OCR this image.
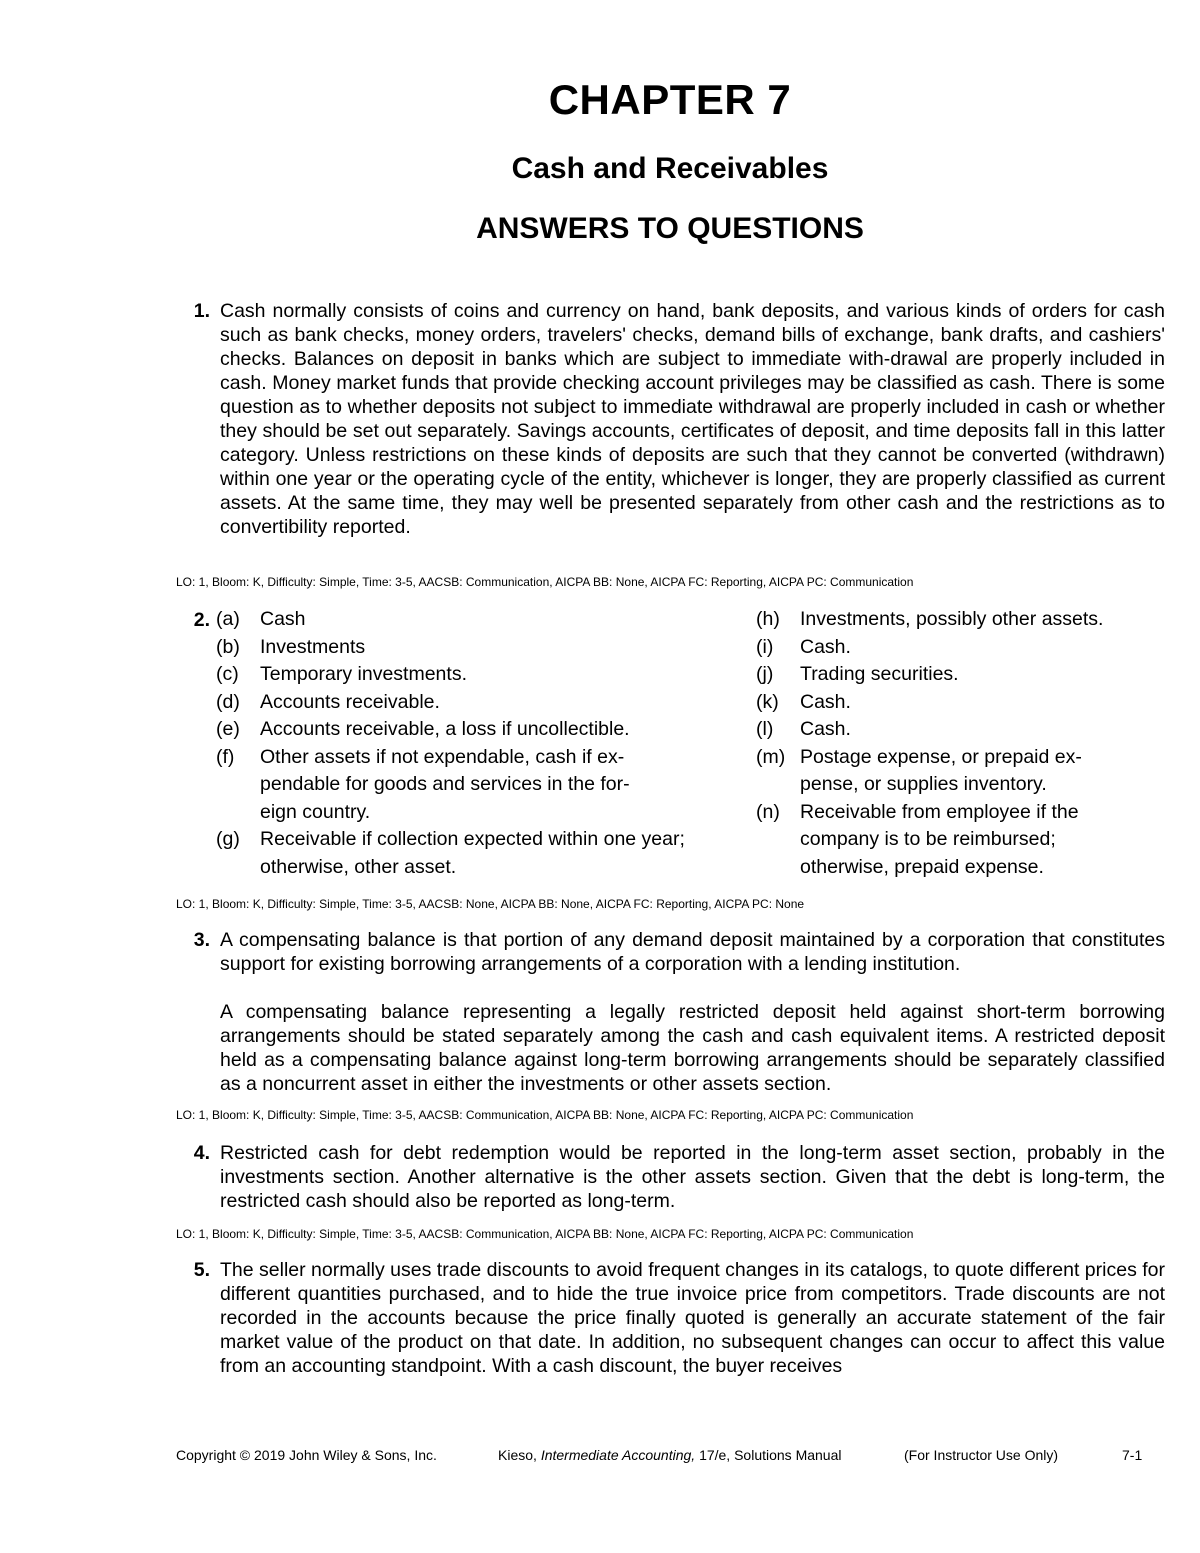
CHAPTER 7
Cash and Receivables
ANSWERS TO QUESTIONS
1. Cash normally consists of coins and currency on hand, bank deposits, and various kinds of orders for cash such as bank checks, money orders, travelers' checks, demand bills of exchange, bank drafts, and cashiers' checks. Balances on deposit in banks which are subject to immediate with-drawal are properly included in cash. Money market funds that provide checking account privileges may be classified as cash. There is some question as to whether deposits not subject to immediate withdrawal are properly included in cash or whether they should be set out separately. Savings accounts, certificates of deposit, and time deposits fall in this latter category. Unless restrictions on these kinds of deposits are such that they cannot be converted (withdrawn) within one year or the operating cycle of the entity, whichever is longer, they are properly classified as current assets. At the same time, they may well be presented separately from other cash and the restrictions as to convertibility reported.

LO: 1, Bloom: K, Difficulty: Simple, Time: 3-5, AACSB: Communication, AICPA BB: None, AICPA FC: Reporting, AICPA PC: Communication
2. (a) Cash
(b) Investments
(c) Temporary investments.
(d) Accounts receivable.
(e) Accounts receivable, a loss if uncollectible.
(f) Other assets if not expendable, cash if ex-pendable for goods and services in the for-eign country.
(g) Receivable if collection expected within one year; otherwise, other asset.
(h) Investments, possibly other assets.
(i) Cash.
(j) Trading securities.
(k) Cash.
(l) Cash.
(m) Postage expense, or prepaid ex-pense, or supplies inventory.
(n) Receivable from employee if the company is to be reimbursed; otherwise, prepaid expense.
LO: 1, Bloom: K, Difficulty: Simple, Time: 3-5, AACSB: None, AICPA BB: None, AICPA FC: Reporting, AICPA PC: None
3. A compensating balance is that portion of any demand deposit maintained by a corporation that constitutes support for existing borrowing arrangements of a corporation with a lending institution.

A compensating balance representing a legally restricted deposit held against short-term borrowing arrangements should be stated separately among the cash and cash equivalent items. A restricted deposit held as a compensating balance against long-term borrowing arrangements should be separately classified as a noncurrent asset in either the investments or other assets section.

LO: 1, Bloom: K, Difficulty: Simple, Time: 3-5, AACSB: Communication, AICPA BB: None, AICPA FC: Reporting, AICPA PC: Communication
4. Restricted cash for debt redemption would be reported in the long-term asset section, probably in the investments section. Another alternative is the other assets section. Given that the debt is long-term, the restricted cash should also be reported as long-term.

LO: 1, Bloom: K, Difficulty: Simple, Time: 3-5, AACSB: Communication, AICPA BB: None, AICPA FC: Reporting, AICPA PC: Communication
5. The seller normally uses trade discounts to avoid frequent changes in its catalogs, to quote different prices for different quantities purchased, and to hide the true invoice price from competitors. Trade discounts are not recorded in the accounts because the price finally quoted is generally an accurate statement of the fair market value of the product on that date. In addition, no subsequent changes can occur to affect this value from an accounting standpoint. With a cash discount, the buyer receives

Copyright © 2019 John Wiley & Sons, Inc.	Kieso, Intermediate Accounting, 17/e, Solutions Manual	(For Instructor Use Only)	7-1
